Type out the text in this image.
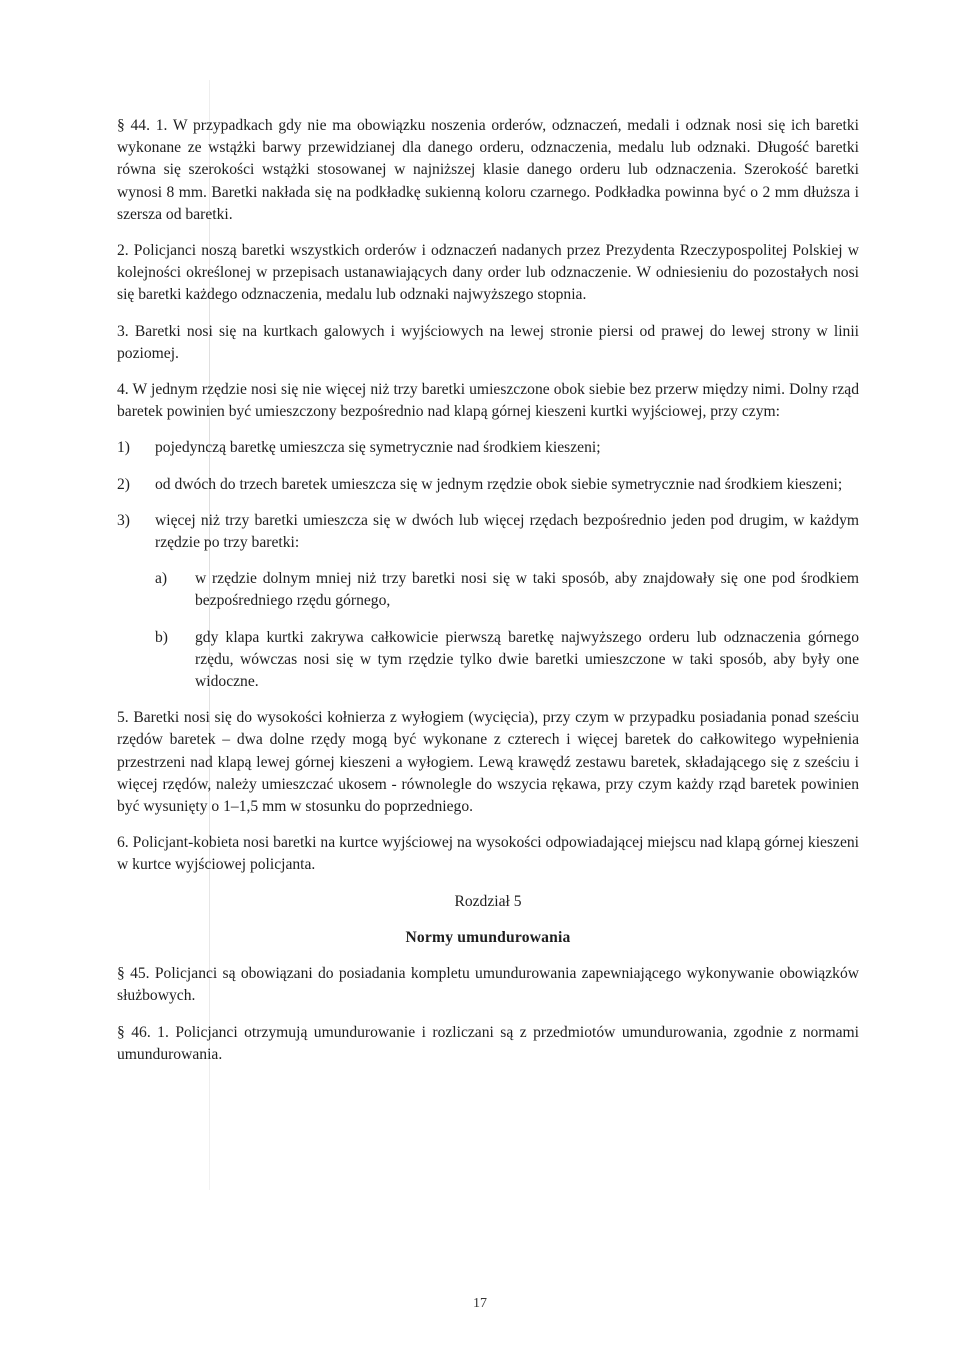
§ 44. 1. W przypadkach gdy nie ma obowiązku noszenia orderów, odznaczeń, medali i odznak nosi się ich baretki wykonane ze wstążki barwy przewidzianej dla danego orderu, odznaczenia, medalu lub odznaki. Długość baretki równa się szerokości wstążki stosowanej w najniższej klasie danego orderu lub odznaczenia. Szerokość baretki wynosi 8 mm. Baretki nakłada się na podkładkę sukienną koloru czarnego. Podkładka powinna być o 2 mm dłuższa i szersza od baretki.

2. Policjanci noszą baretki wszystkich orderów i odznaczeń nadanych przez Prezydenta Rzeczypospolitej Polskiej w kolejności określonej w przepisach ustanawiających dany order lub odznaczenie. W odniesieniu do pozostałych nosi się baretki każdego odznaczenia, medalu lub odznaki najwyższego stopnia.

3. Baretki nosi się na kurtkach galowych i wyjściowych na lewej stronie piersi od prawej do lewej strony w linii poziomej.

4. W jednym rzędzie nosi się nie więcej niż trzy baretki umieszczone obok siebie bez przerw między nimi. Dolny rząd baretek powinien być umieszczony bezpośrednio nad klapą górnej kieszeni kurtki wyjściowej, przy czym:

1) pojedynczą baretkę umieszcza się symetrycznie nad środkiem kieszeni;

2) od dwóch do trzech baretek umieszcza się w jednym rzędzie obok siebie symetrycznie nad środkiem kieszeni;

3) więcej niż trzy baretki umieszcza się w dwóch lub więcej rzędach bezpośrednio jeden pod drugim, w każdym rzędzie po trzy baretki:

a) w rzędzie dolnym mniej niż trzy baretki nosi się w taki sposób, aby znajdowały się one pod środkiem bezpośredniego rzędu górnego,

b) gdy klapa kurtki zakrywa całkowicie pierwszą baretkę najwyższego orderu lub odznaczenia górnego rzędu, wówczas nosi się w tym rzędzie tylko dwie baretki umieszczone w taki sposób, aby były one widoczne.

5. Baretki nosi się do wysokości kołnierza z wyłogiem (wycięcia), przy czym w przypadku posiadania ponad sześciu rzędów baretek – dwa dolne rzędy mogą być wykonane z czterech i więcej baretek do całkowitego wypełnienia przestrzeni nad klapą lewej górnej kieszeni a wyłogiem. Lewą krawędź zestawu baretek, składającego się z sześciu i więcej rzędów, należy umieszczać ukosem - równolegle do wszycia rękawa, przy czym każdy rząd baretek powinien być wysunięty o 1–1,5 mm w stosunku do poprzedniego.

6. Policjant-kobieta nosi baretki na kurtce wyjściowej na wysokości odpowiadającej miejscu nad klapą górnej kieszeni w kurtce wyjściowej policjanta.

Rozdział 5

Normy umundurowania

§ 45. Policjanci są obowiązani do posiadania kompletu umundurowania zapewniającego wykonywanie obowiązków służbowych.

§ 46. 1. Policjanci otrzymują umundurowanie i rozliczani są z przedmiotów umundurowania, zgodnie z normami umundurowania.

17
